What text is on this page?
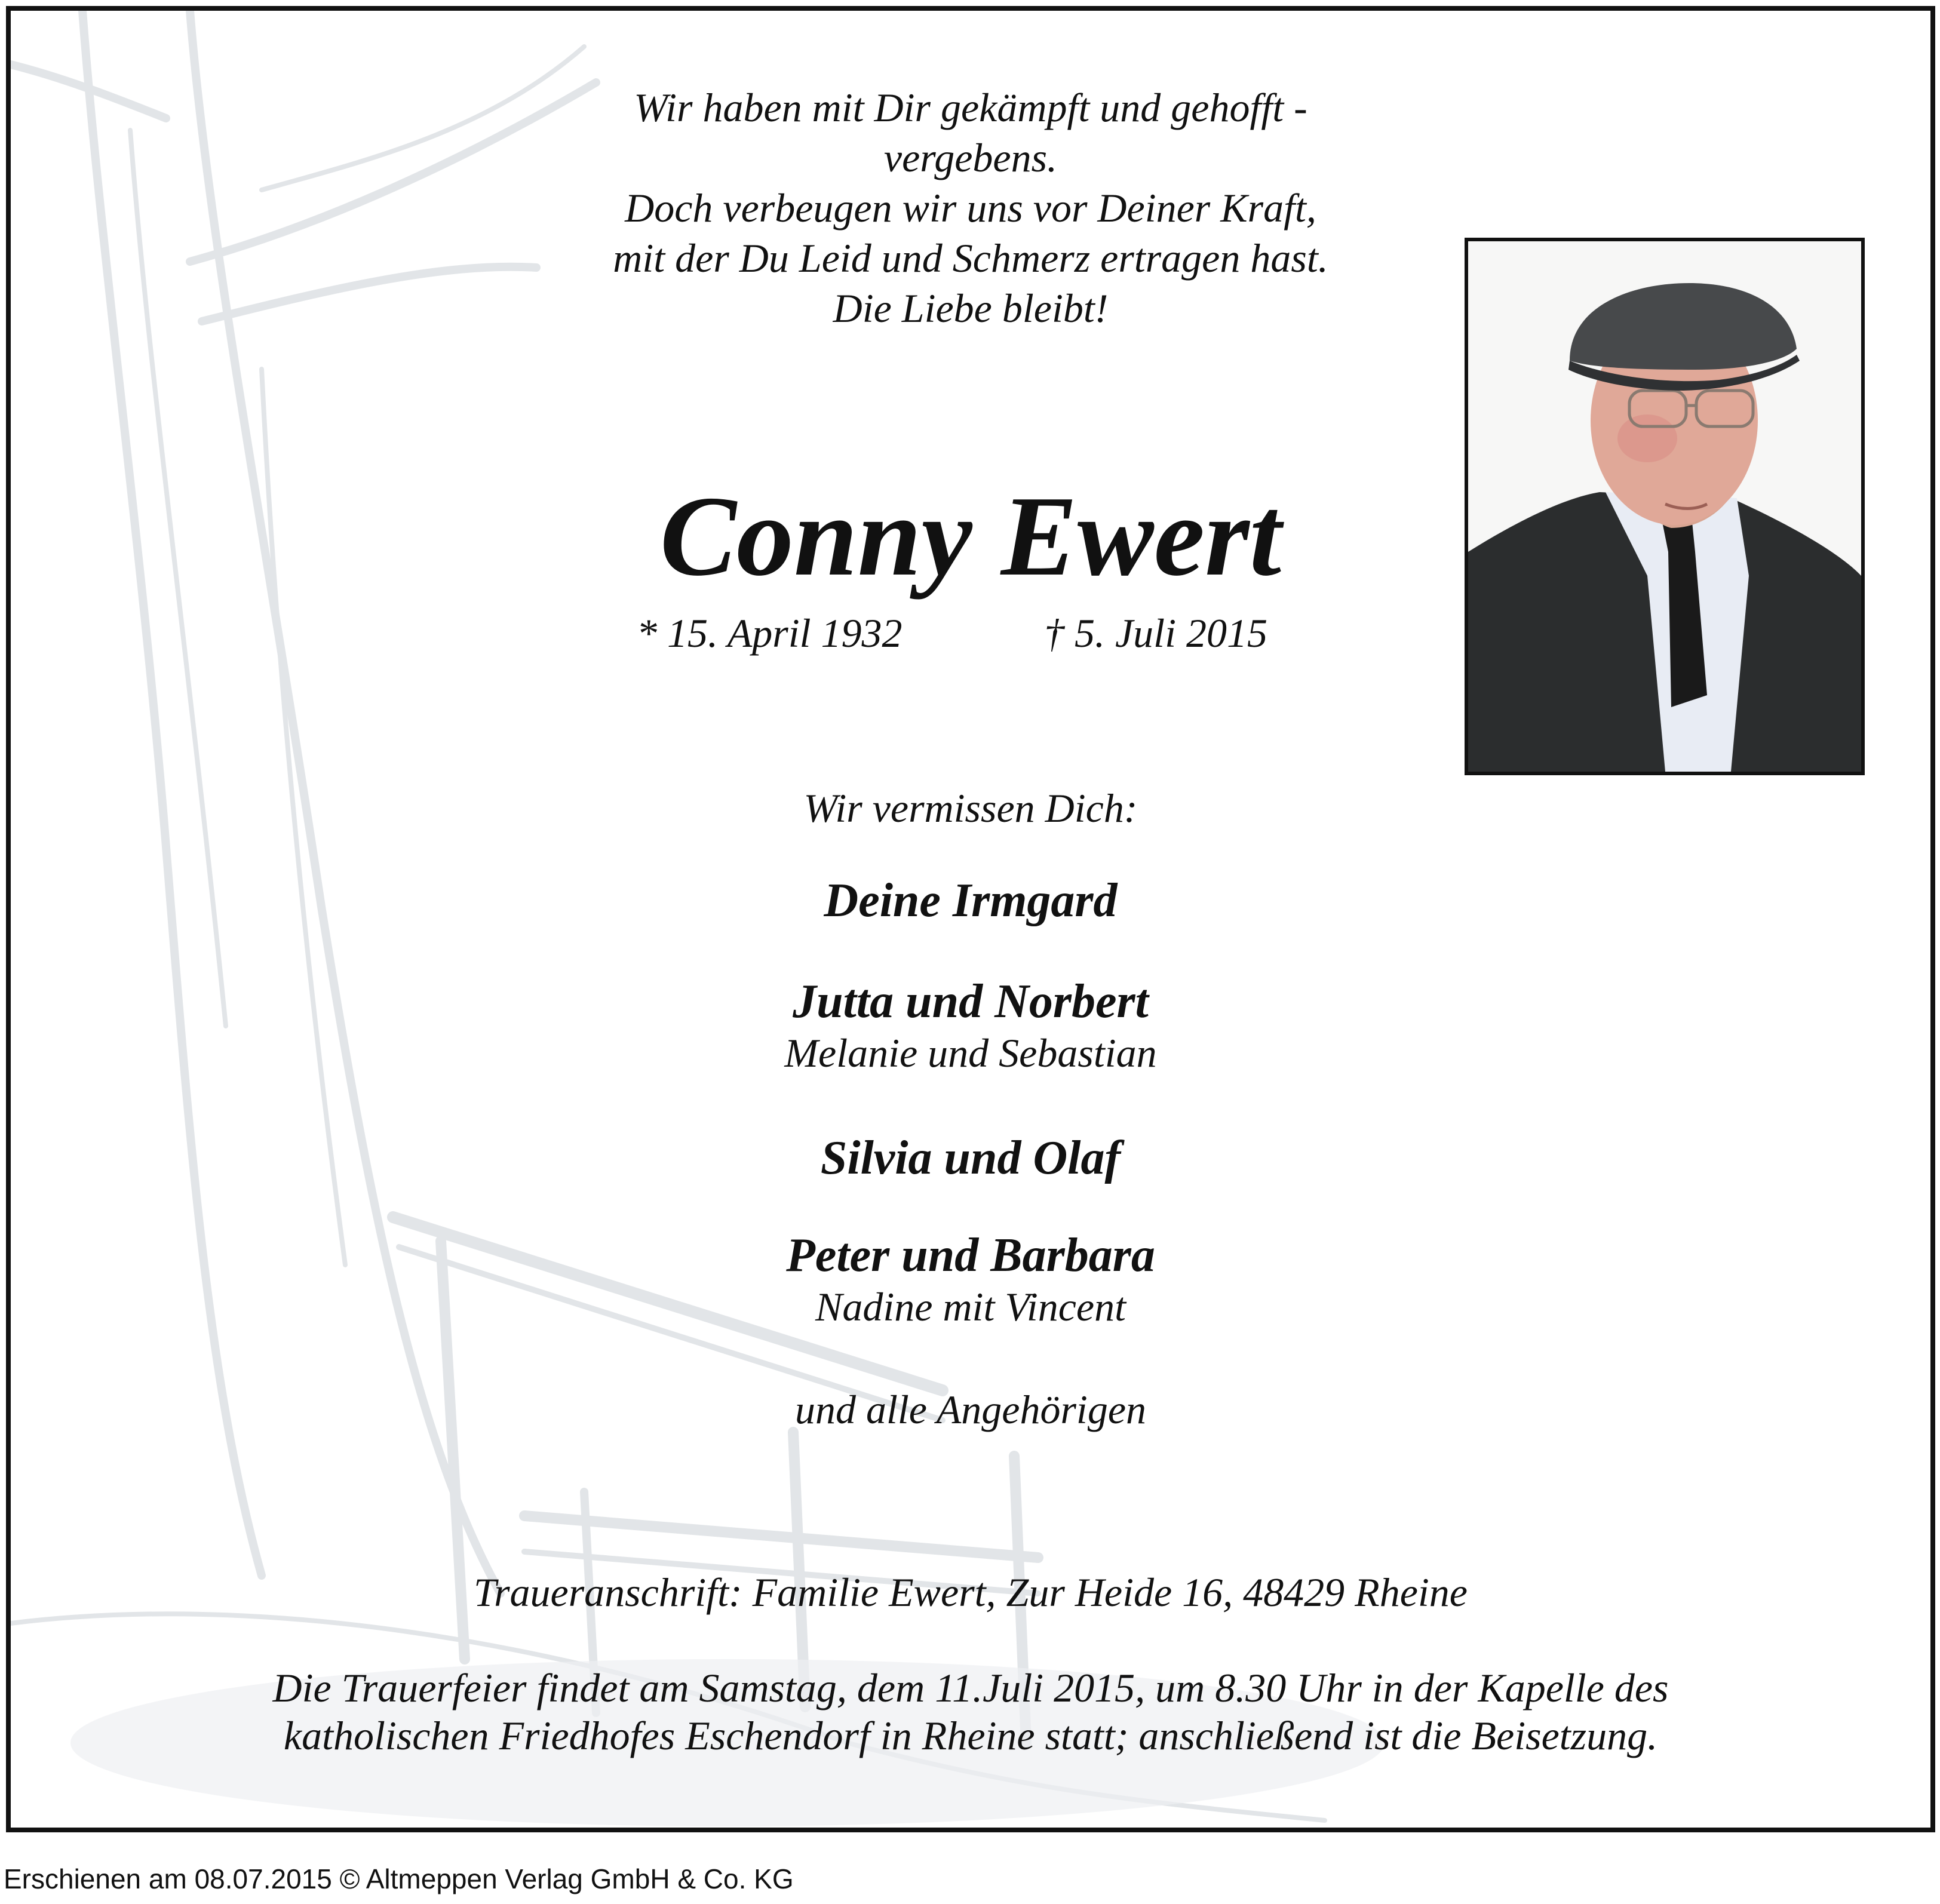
Wir haben mit Dir gekämpft und gehofft -
vergebens.
Doch verbeugen wir uns vor Deiner Kraft,
mit der Du Leid und Schmerz ertragen hast.
Die Liebe bleibt!
Conny Ewert
* 15. April 1932	† 5. Juli 2015
Wir vermissen Dich:
Deine Irmgard
Jutta und Norbert
Melanie und Sebastian
Silvia und Olaf
Peter und Barbara
Nadine mit Vincent
und alle Angehörigen
Traueranschrift: Familie Ewert, Zur Heide 16, 48429 Rheine
Die Trauerfeier findet am Samstag, dem 11.Juli 2015, um 8.30 Uhr in der Kapelle des
katholischen Friedhofes Eschendorf in Rheine statt; anschließend ist die Beisetzung.
Erschienen am 08.07.2015 © Altmeppen Verlag GmbH & Co. KG
